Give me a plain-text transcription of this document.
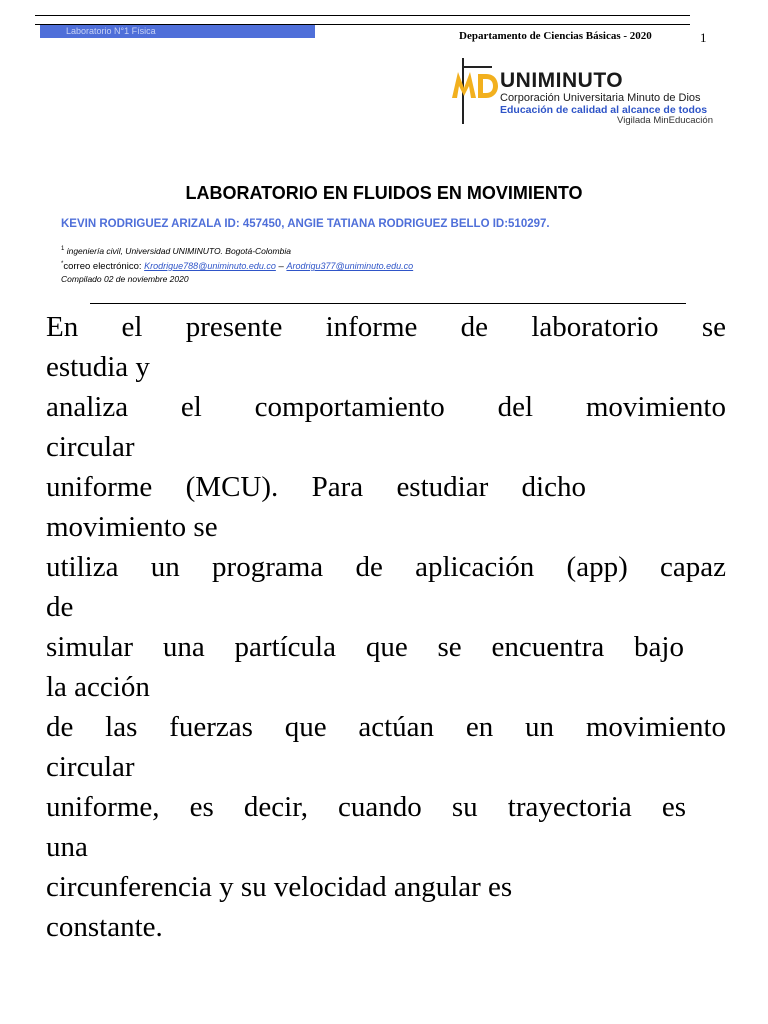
Laboratorio N°1 Física	Departamento de Ciencias Básicas - 2020	1
UNIMINUTO
Corporación Universitaria Minuto de Dios
Educación de calidad al alcance de todos
Vigilada MinEducación
LABORATORIO EN FLUIDOS EN MOVIMIENTO
KEVIN RODRIGUEZ ARIZALA ID: 457450, ANGIE TATIANA RODRIGUEZ BELLO ID:510297.
$^1$ ingeniería civil, Universidad UNIMINUTO. Bogotá-Colombia
*correo electrónico: Krodrigue788@uniminuto.edu.co – Arodrigu377@uniminuto.edu.co
Compilado 02 de noviembre 2020
En el presente informe de laboratorio se
estudia y
analiza el comportamiento del movimiento
circular
uniforme (MCU). Para estudiar dicho
movimiento se
utiliza un programa de aplicación (app) capaz
de
simular una partícula que se encuentra bajo
la acción
de las fuerzas que actúan en un movimiento
circular
uniforme, es decir, cuando su trayectoria es
una
circunferencia y su velocidad angular es
constante.
